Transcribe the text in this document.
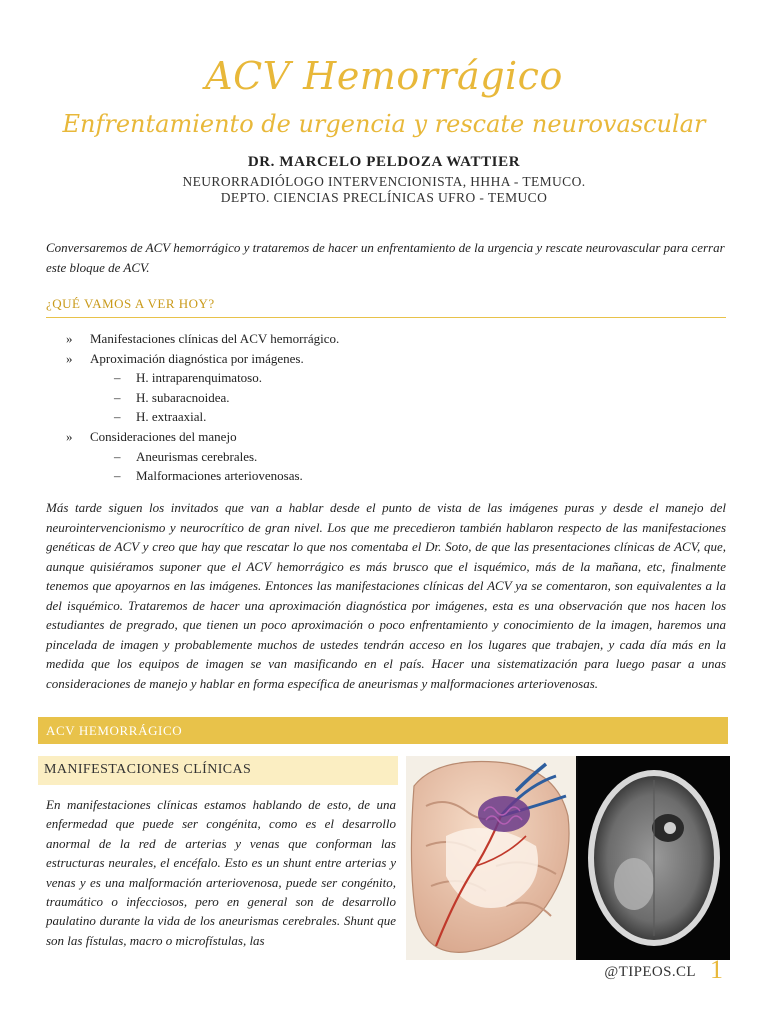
ACV Hemorrágico
Enfrentamiento de urgencia y rescate neurovascular
DR. MARCELO PELDOZA WATTIER
NEURORRADIÓLOGO INTERVENCIONISTA, HHHA - TEMUCO.
DEPTO. CIENCIAS PRECLÍNICAS UFRO - TEMUCO

Conversaremos de ACV hemorrágico y trataremos de hacer un enfrentamiento de la urgencia y rescate neurovascular para cerrar este bloque de ACV.

¿QUÉ VAMOS A VER HOY?
»	Manifestaciones clínicas del ACV hemorrágico.
»	Aproximación diagnóstica por imágenes.
–	H. intraparenquimatoso.
–	H. subaracnoidea.
–	H. extraaxial.
»	Consideraciones del manejo
–	Aneurismas cerebrales.
–	Malformaciones arteriovenosas.

Más tarde siguen los invitados que van a hablar desde el punto de vista de las imágenes puras y desde el manejo del neurointervencionismo y neurocrítico de gran nivel. Los que me precedieron también hablaron respecto de las manifestaciones genéticas de ACV y creo que hay que rescatar lo que nos comentaba el Dr. Soto, de que las presentaciones clínicas de ACV, que, aunque quisiéramos suponer que el ACV hemorrágico es más brusco que el isquémico, más de la mañana, etc, finalmente tenemos que apoyarnos en las imágenes. Entonces las manifestaciones clínicas del ACV ya se comentaron, son equivalentes a la del isquémico. Trataremos de hacer una aproximación diagnóstica por imágenes, esta es una observación que nos hacen los estudiantes de pregrado, que tienen un poco aproximación o poco enfrentamiento y conocimiento de la imagen, haremos una pincelada de imagen y probablemente muchos de ustedes tendrán acceso en los lugares que trabajen, y cada día más en la medida que los equipos de imagen se van masificando en el país. Hacer una sistematización para luego pasar a unas consideraciones de manejo y hablar en forma específica de aneurismas y malformaciones arteriovenosas.

ACV HEMORRÁGICO
MANIFESTACIONES CLÍNICAS

En manifestaciones clínicas estamos hablando de esto, de una enfermedad que puede ser congénita, como es el desarrollo anormal de la red de arterias y venas que conforman las estructuras neurales, el encéfalo. Esto es un shunt entre arterias y venas y es una malformación arteriovenosa, puede ser congénito, traumático o infecciosos, pero en general son de desarrollo paulatino durante la vida de los aneurismas cerebrales. Shunt que son las fístulas, macro o microfístulas, las

@TIPEOS.CL 1
